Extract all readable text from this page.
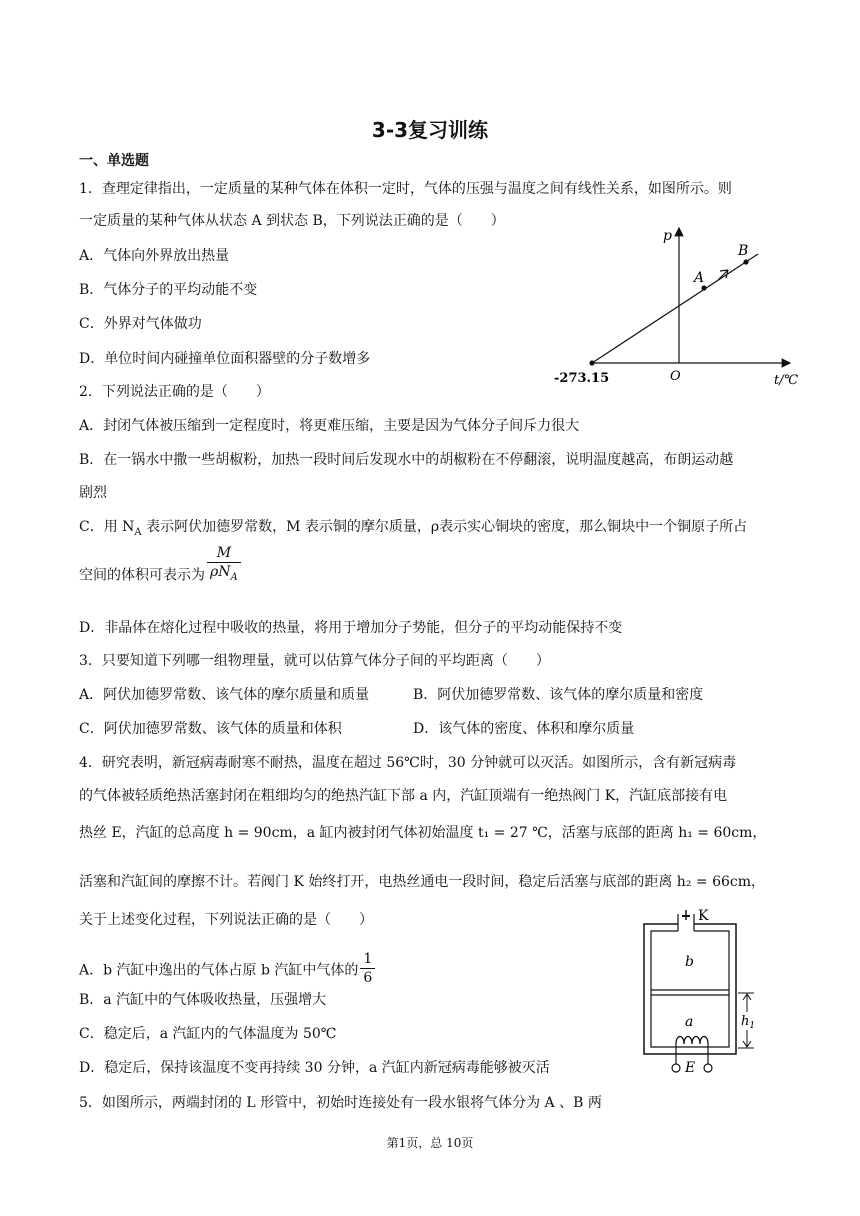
3-3复习训练
一、单选题
1．查理定律指出，一定质量的某种气体在体积一定时，气体的压强与温度之间有线性关系，如图所示。则
一定质量的某种气体从状态 A 到状态 B，下列说法正确的是（　　）
A．气体向外界放出热量
B．气体分子的平均动能不变
C．外界对气体做功
D．单位时间内碰撞单位面积器壁的分子数增多
p
t/℃
O
-273.15
A
B
2．下列说法正确的是（　　）
A．封闭气体被压缩到一定程度时，将更难压缩，主要是因为气体分子间斥力很大
B．在一锅水中撒一些胡椒粉，加热一段时间后发现水中的胡椒粉在不停翻滚，说明温度越高，布朗运动越
剧烈
C．用 $N_A$ 表示阿伏加德罗常数，M 表示铜的摩尔质量，ρ表示实心铜块的密度，那么铜块中一个铜原子所占
空间的体积可表示为 $\frac{M}{\rho N_A}$
D．非晶体在熔化过程中吸收的热量，将用于增加分子势能，但分子的平均动能保持不变
3．只要知道下列哪一组物理量，就可以估算气体分子间的平均距离（　　）
A．阿伏加德罗常数、该气体的摩尔质量和质量	B．阿伏加德罗常数、该气体的摩尔质量和密度
C．阿伏加德罗常数、该气体的质量和体积	D．该气体的密度、体积和摩尔质量
4．研究表明，新冠病毒耐寒不耐热，温度在超过 56℃时，30 分钟就可以灭活。如图所示，含有新冠病毒
的气体被轻质绝热活塞封闭在粗细均匀的绝热汽缸下部 a 内，汽缸顶端有一绝热阀门 K，汽缸底部接有电
热丝 E，汽缸的总高度 h = 90cm，a 缸内被封闭气体初始温度 t₁ = 27 ℃，活塞与底部的距离 h₁ = 60cm，
活塞和汽缸间的摩擦不计。若阀门 K 始终打开，电热丝通电一段时间，稳定后活塞与底部的距离 h₂ = 66cm，
关于上述变化过程，下列说法正确的是（　　）
A．b 汽缸中逸出的气体占原 b 汽缸中气体的 $\frac{1}{6}$
B．a 汽缸中的气体吸收热量，压强增大
C．稳定后，a 汽缸内的气体温度为 50℃
D．稳定后，保持该温度不变再持续 30 分钟，a 汽缸内新冠病毒能够被灭活
K
b
a	$h_1$
E
5．如图所示，两端封闭的 L 形管中，初始时连接处有一段水银将气体分为 A 、B 两
第1页，总 10页
